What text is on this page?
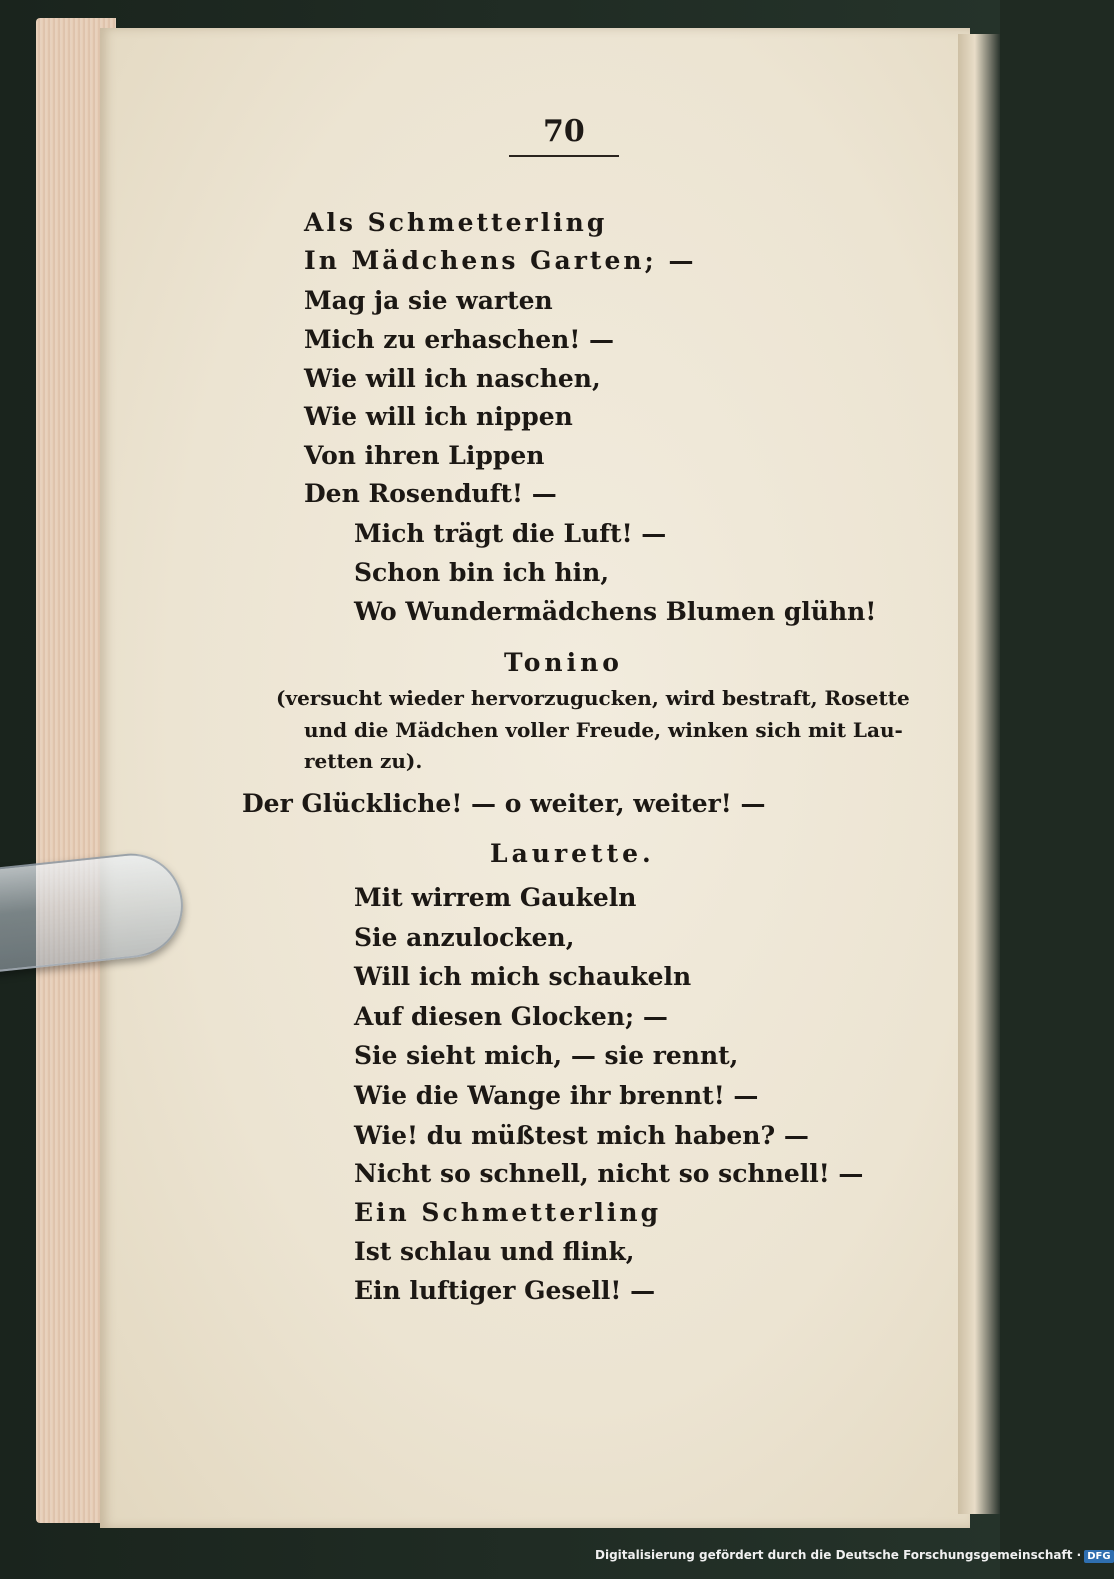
70
Als Schmetterling
In Mädchens Garten; —
Mag ja sie warten
Mich zu erhaschen! —
Wie will ich naschen,
Wie will ich nippen
Von ihren Lippen
Den Rosenduft! —
Mich trägt die Luft! —
Schon bin ich hin,
Wo Wundermädchens Blumen glühn!
Tonino
(versucht wieder hervorzugucken, wird bestraft, Rosette
und die Mädchen voller Freude, winken sich mit Lau-
retten zu).
Der Glückliche! — o weiter, weiter! —
Laurette.
Mit wirrem Gaukeln
Sie anzulocken,
Will ich mich schaukeln
Auf diesen Glocken; —
Sie sieht mich, — sie rennt,
Wie die Wange ihr brennt! —
Wie! du müßtest mich haben? —
Nicht so schnell, nicht so schnell! —
Ein Schmetterling
Ist schlau und flink,
Ein luftiger Gesell! —
Digitalisierung gefördert durch die Deutsche Forschungsgemeinschaft · DFG
